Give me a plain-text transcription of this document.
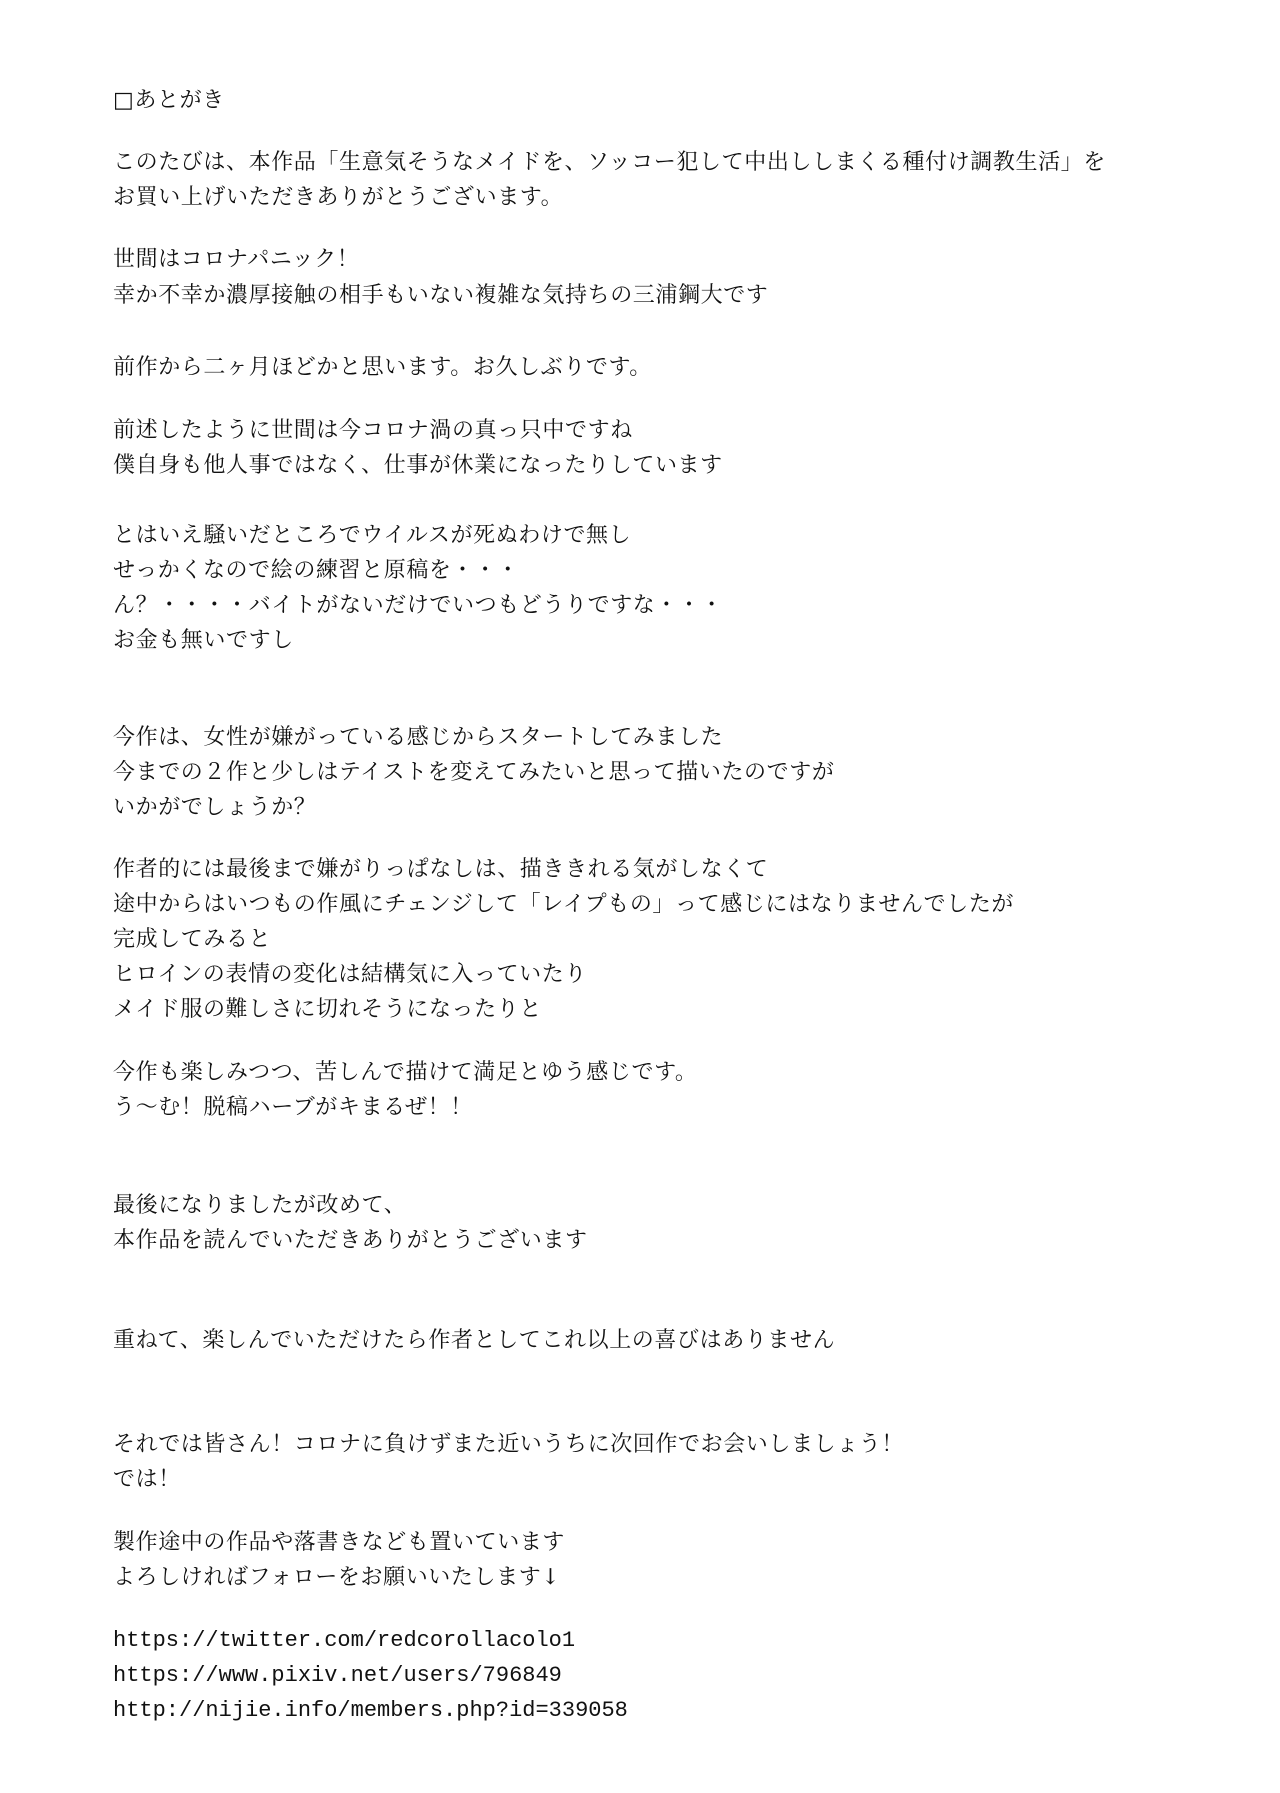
□あとがき
このたびは、本作品「生意気そうなメイドを、ソッコー犯して中出ししまくる種付け調教生活」を
お買い上げいただきありがとうございます。
世間はコロナパニック！
幸か不幸か濃厚接触の相手もいない複雑な気持ちの三浦鋼大です
前作から二ヶ月ほどかと思います。お久しぶりです。
前述したように世間は今コロナ渦の真っ只中ですね
僕自身も他人事ではなく、仕事が休業になったりしています
とはいえ騒いだところでウイルスが死ぬわけで無し
せっかくなので絵の練習と原稿を・・・
ん？・・・・バイトがないだけでいつもどうりですな・・・
お金も無いですし
今作は、女性が嫌がっている感じからスタートしてみました
今までの２作と少しはテイストを変えてみたいと思って描いたのですが
いかがでしょうか？
作者的には最後まで嫌がりっぱなしは、描ききれる気がしなくて
途中からはいつもの作風にチェンジして「レイプもの」って感じにはなりませんでしたが
完成してみると
ヒロインの表情の変化は結構気に入っていたり
メイド服の難しさに切れそうになったりと
今作も楽しみつつ、苦しんで描けて満足とゆう感じです。
う～む！脱稿ハーブがキまるぜ！！
最後になりましたが改めて、
本作品を読んでいただきありがとうございます
重ねて、楽しんでいただけたら作者としてこれ以上の喜びはありません
それでは皆さん！コロナに負けずまた近いうちに次回作でお会いしましょう！
では！
製作途中の作品や落書きなども置いています
よろしければフォローをお願いいたします↓
https://twitter.com/redcorollacolo1
https://www.pixiv.net/users/796849
http://nijie.info/members.php?id=339058
